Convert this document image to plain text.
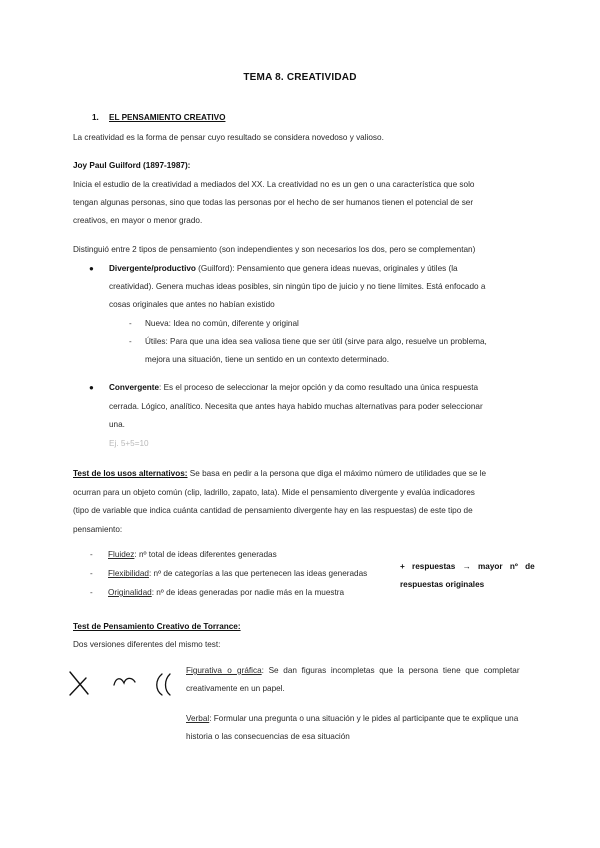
TEMA 8. CREATIVIDAD
1. EL PENSAMIENTO CREATIVO
La creatividad es la forma de pensar cuyo resultado se considera novedoso y valioso.
Joy Paul Guilford (1897-1987):
Inicia el estudio de la creatividad a mediados del XX. La creatividad no es un gen o una característica que solo
tengan algunas personas, sino que todas las personas por el hecho de ser humanos tienen el potencial de ser
creativos, en mayor o menor grado.
Distinguió entre 2 tipos de pensamiento (son independientes y son necesarios los dos, pero se complementan)
● Divergente/productivo (Guilford): Pensamiento que genera ideas nuevas, originales y útiles (la
creatividad). Genera muchas ideas posibles, sin ningún tipo de juicio y no tiene límites. Está enfocado a
cosas originales que antes no habían existido
- Nueva: Idea no común, diferente y original
- Útiles: Para que una idea sea valiosa tiene que ser útil (sirve para algo, resuelve un problema,
mejora una situación, tiene un sentido en un contexto determinado.
● Convergente: Es el proceso de seleccionar la mejor opción y da como resultado una única respuesta
cerrada. Lógico, analítico. Necesita que antes haya habido muchas alternativas para poder seleccionar
una.
Ej. 5+5=10
Test de los usos alternativos: Se basa en pedir a la persona que diga el máximo número de utilidades que se le
ocurran para un objeto común (clip, ladrillo, zapato, lata). Mide el pensamiento divergente y evalúa indicadores
(tipo de variable que indica cuánta cantidad de pensamiento divergente hay en las respuestas) de este tipo de
pensamiento:
- Fluidez: nº total de ideas diferentes generadas
- Flexibilidad: nº de categorías a las que pertenecen las ideas generadas
- Originalidad: nº de ideas generadas por nadie más en la muestra
+ respuestas → mayor nº de
respuestas originales
Test de Pensamiento Creativo de Torrance:
Dos versiones diferentes del mismo test:
Figurativa o gráfica: Se dan figuras incompletas que la persona tiene que completar
creativamente en un papel.
Verbal: Formular una pregunta o una situación y le pides al participante que te explique una
historia o las consecuencias de esa situación
